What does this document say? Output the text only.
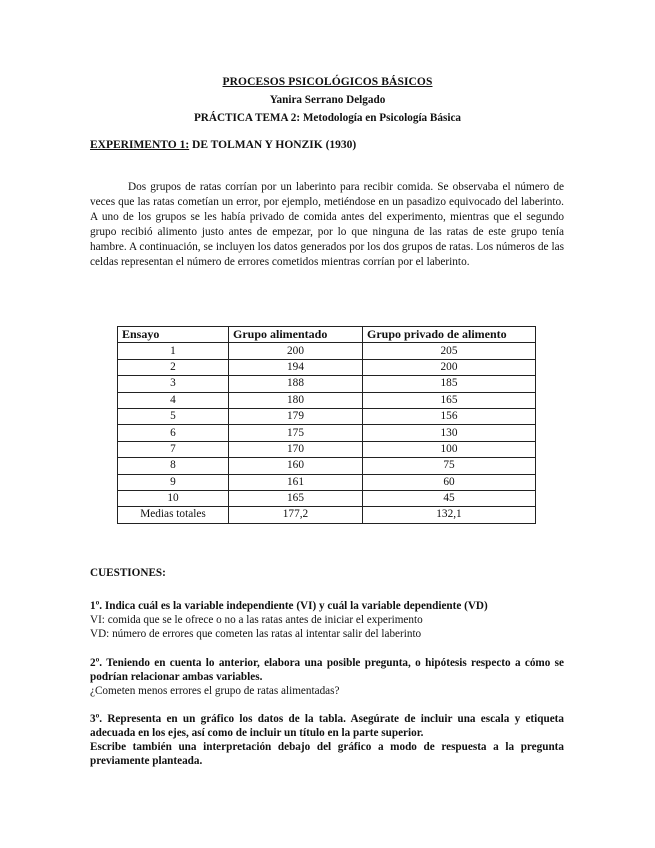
PROCESOS PSICOLÓGICOS BÁSICOS
Yanira Serrano Delgado
PRÁCTICA TEMA 2: Metodología en Psicología Básica
EXPERIMENTO 1: DE TOLMAN Y HONZIK (1930)

Dos grupos de ratas corrían por un laberinto para recibir comida. Se observaba el número de veces que las ratas cometían un error, por ejemplo, metiéndose en un pasadizo equivocado del laberinto. A uno de los grupos se les había privado de comida antes del experimento, mientras que el segundo grupo recibió alimento justo antes de empezar, por lo que ninguna de las ratas de este grupo tenía hambre. A continuación, se incluyen los datos generados por los dos grupos de ratas. Los números de las celdas representan el número de errores cometidos mientras corrían por el laberinto.

Ensayo	Grupo alimentado	Grupo privado de alimento
1	200	205
2	194	200
3	188	185
4	180	165
5	179	156
6	175	130
7	170	100
8	160	75
9	161	60
10	165	45
Medias totales	177,2	132,1
CUESTIONES:
1º. Indica cuál es la variable independiente (VI) y cuál la variable dependiente (VD)
VI: comida que se le ofrece o no a las ratas antes de iniciar el experimento
VD: número de errores que cometen las ratas al intentar salir del laberinto
2º. Teniendo en cuenta lo anterior, elabora una posible pregunta, o hipótesis respecto a cómo se podrían relacionar ambas variables.
¿Cometen menos errores el grupo de ratas alimentadas?
3º. Representa en un gráfico los datos de la tabla. Asegúrate de incluir una escala y etiqueta adecuada en los ejes, así como de incluir un título en la parte superior.
Escribe también una interpretación debajo del gráfico a modo de respuesta a la pregunta previamente planteada.
